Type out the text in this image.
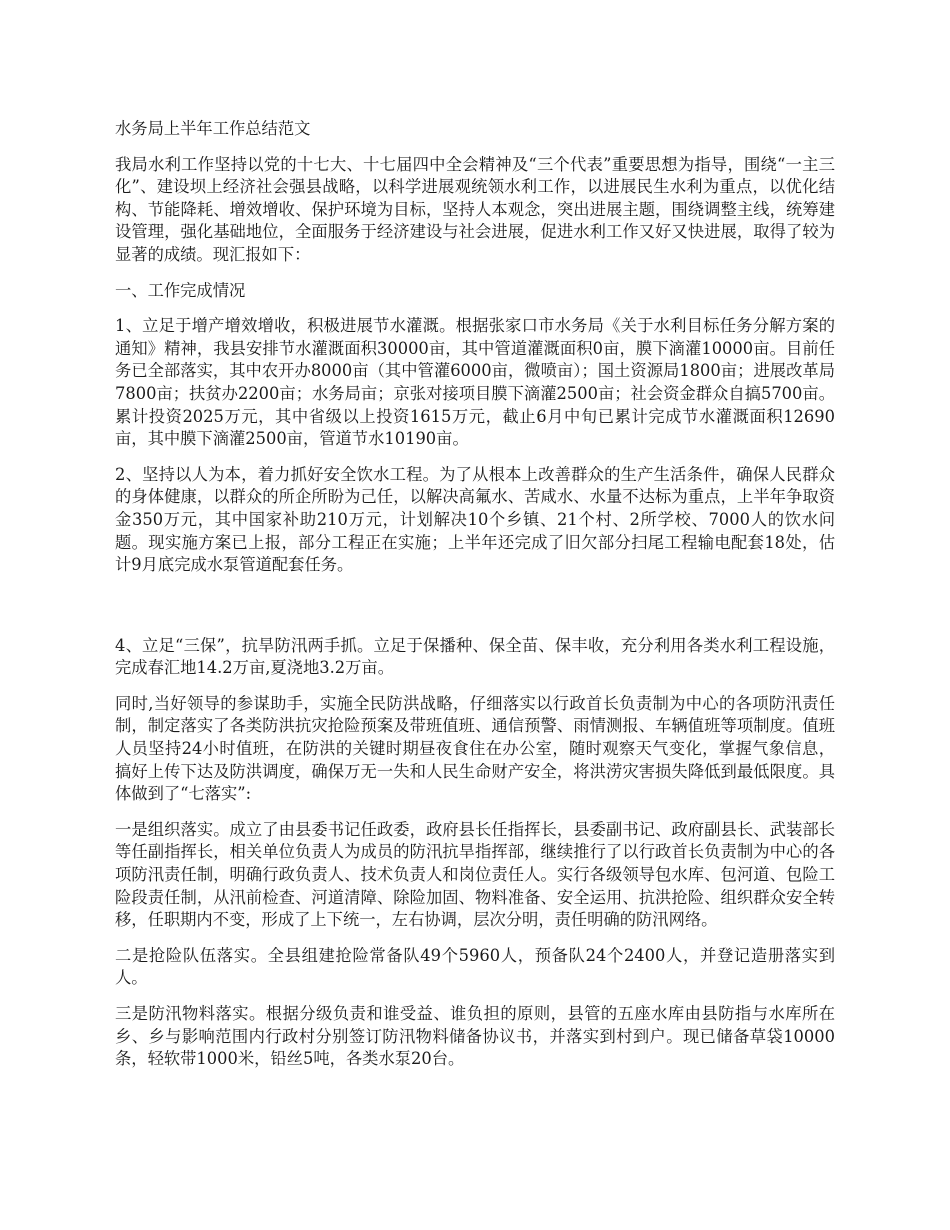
水务局上半年工作总结范文

我局水利工作坚持以党的十七大、十七届四中全会精神及“三个代表”重要思想为指导，围绕“一主三化”、建设坝上经济社会强县战略，以科学进展观统领水利工作，以进展民生水利为重点，以优化结构、节能降耗、增效增收、保护环境为目标，坚持人本观念，突出进展主题，围绕调整主线，统筹建设管理，强化基础地位，全面服务于经济建设与社会进展，促进水利工作又好又快进展，取得了较为显著的成绩。现汇报如下：

一、工作完成情况

1、立足于增产增效增收，积极进展节水灌溉。根据张家口市水务局《关于水利目标任务分解方案的通知》精神，我县安排节水灌溉面积30000亩，其中管道灌溉面积0亩，膜下滴灌10000亩。目前任务已全部落实，其中农开办8000亩（其中管灌6000亩，微喷亩）；国土资源局1800亩；进展改革局7800亩；扶贫办2200亩；水务局亩；京张对接项目膜下滴灌2500亩；社会资金群众自搞5700亩。累计投资2025万元，其中省级以上投资1615万元，截止6月中旬已累计完成节水灌溉面积12690亩，其中膜下滴灌2500亩，管道节水10190亩。

2、坚持以人为本，着力抓好安全饮水工程。为了从根本上改善群众的生产生活条件，确保人民群众的身体健康，以群众的所企所盼为己任，以解决高氟水、苦咸水、水量不达标为重点，上半年争取资金350万元，其中国家补助210万元，计划解决10个乡镇、21个村、2所学校、7000人的饮水问题。现实施方案已上报，部分工程正在实施；上半年还完成了旧欠部分扫尾工程输电配套18处，估计9月底完成水泵管道配套任务。

4、立足“三保”，抗旱防汛两手抓。立足于保播种、保全苗、保丰收，充分利用各类水利工程设施，完成春汇地14.2万亩,夏浇地3.2万亩。

同时,当好领导的参谋助手，实施全民防洪战略，仔细落实以行政首长负责制为中心的各项防汛责任制，制定落实了各类防洪抗灾抢险预案及带班值班、通信预警、雨情测报、车辆值班等项制度。值班人员坚持24小时值班，在防洪的关键时期昼夜食住在办公室，随时观察天气变化，掌握气象信息，搞好上传下达及防洪调度，确保万无一失和人民生命财产安全，将洪涝灾害损失降低到最低限度。具体做到了“七落实”:

一是组织落实。成立了由县委书记任政委，政府县长任指挥长，县委副书记、政府副县长、武装部长等任副指挥长，相关单位负责人为成员的防汛抗旱指挥部，继续推行了以行政首长负责制为中心的各项防汛责任制，明确行政负责人、技术负责人和岗位责任人。实行各级领导包水库、包河道、包险工险段责任制，从汛前检查、河道清障、除险加固、物料准备、安全运用、抗洪抢险、组织群众安全转移，任职期内不变，形成了上下统一，左右协调，层次分明，责任明确的防汛网络。

二是抢险队伍落实。全县组建抢险常备队49个5960人，预备队24个2400人，并登记造册落实到人。

三是防汛物料落实。根据分级负责和谁受益、谁负担的原则，县管的五座水库由县防指与水库所在乡、乡与影响范围内行政村分别签订防汛物料储备协议书，并落实到村到户。现已储备草袋10000条，轻软带1000米，铅丝5吨，各类水泵20台。
